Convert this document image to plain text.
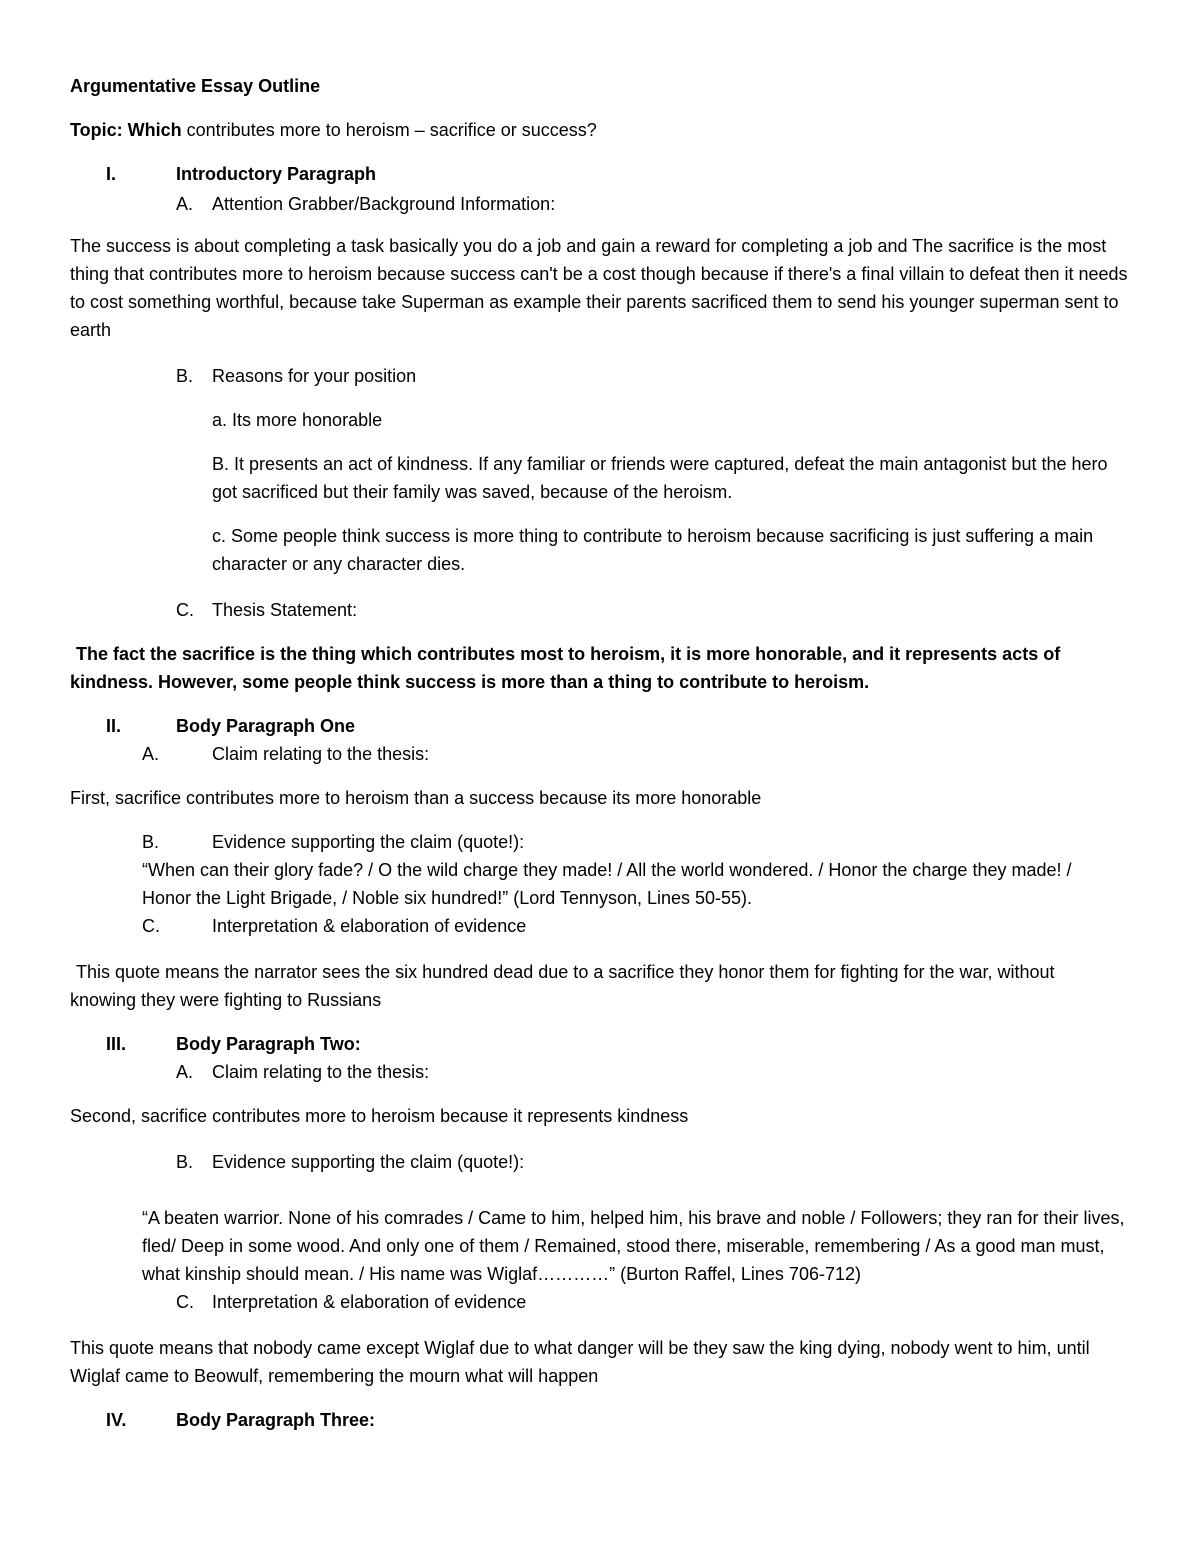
Argumentative Essay Outline
Topic: Which contributes more to heroism – sacrifice or success?
I.	Introductory Paragraph
A. Attention Grabber/Background Information:
The success is about completing a task basically you do a job and gain a reward for completing a job and The sacrifice is the most thing that contributes more to heroism because success can't be a cost though because if there's a final villain to defeat then it needs to cost something worthful, because take Superman as example their parents sacrificed them to send his younger superman sent to earth
B. Reasons for your position
a. Its more honorable
B. It presents an act of kindness. If any familiar or friends were captured, defeat the main antagonist but the hero got sacrificed but their family was saved, because of the heroism.
c. Some people think success is more thing to contribute to heroism because sacrificing is just suffering a main character or any character dies.
C. Thesis Statement:
The fact the sacrifice is the thing which contributes most to heroism, it is more honorable, and it represents acts of kindness. However, some people think success is more than a thing to contribute to heroism.
II.	Body Paragraph One
A.	Claim relating to the thesis:
First, sacrifice contributes more to heroism than a success because its more honorable
B.	Evidence supporting the claim (quote!):
“When can their glory fade? / O the wild charge they made! / All the world wondered. / Honor the charge they made! / Honor the Light Brigade, / Noble six hundred!” (Lord Tennyson, Lines 50-55).
C.	Interpretation & elaboration of evidence
This quote means the narrator sees the six hundred dead due to a sacrifice they honor them for fighting for the war, without knowing they were fighting to Russians
III.	Body Paragraph Two:
A. Claim relating to the thesis:
Second, sacrifice contributes more to heroism because it represents kindness
B. Evidence supporting the claim (quote!):
“A beaten warrior. None of his comrades / Came to him, helped him, his brave and noble / Followers; they ran for their lives, fled/ Deep in some wood. And only one of them / Remained, stood there, miserable, remembering / As a good man must, what kinship should mean. / His name was Wiglaf…………” (Burton Raffel, Lines 706-712)
C. Interpretation & elaboration of evidence
This quote means that nobody came except Wiglaf due to what danger will be they saw the king dying, nobody went to him, until Wiglaf came to Beowulf, remembering the mourn what will happen
IV.	Body Paragraph Three:
